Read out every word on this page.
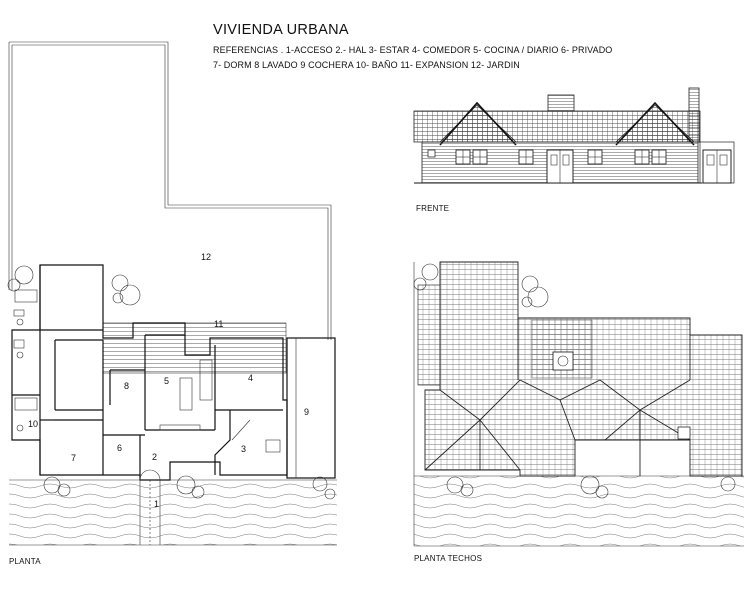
VIVIENDA URBANA
REFERENCIAS . 1-ACCESO 2.- HAL 3- ESTAR 4- COMEDOR 5- COCINA / DIARIO 6- PRIVADO
7- DORM 8 LAVADO 9 COCHERA 10- BAÑO 11- EXPANSION 12- JARDIN
1
2
3
4
5
6
7
8
9
10
11
12
FRENTE
PLANTA	PLANTA TECHOS
